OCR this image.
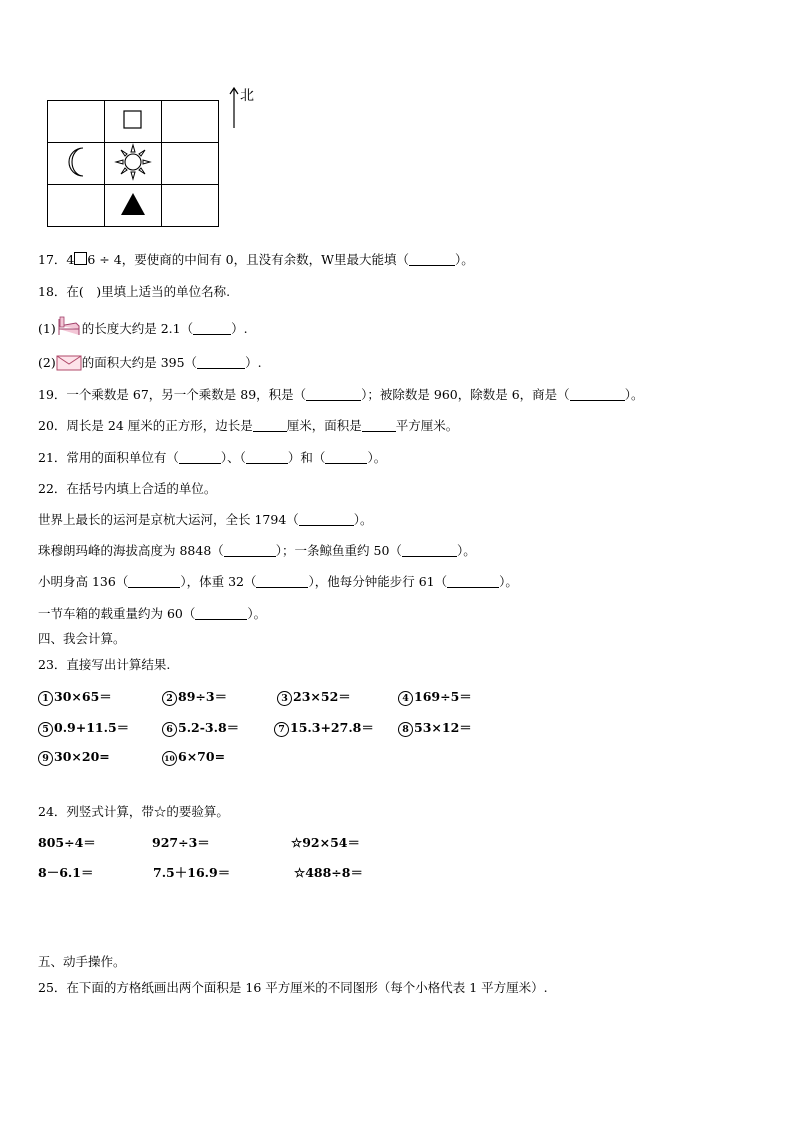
北
17．4 6 ÷ 4，要使商的中间有 0，且没有余数，W里最大能填（	）。
18．在(　)里填上适当的单位名称.
(1) 的长度大约是 2.1（	）.
(2) 的面积大约是 395（	）.
19．一个乘数是 67，另一个乘数是 89，积是（	）；被除数是 960，除数是 6，商是（	）。
20．周长是 24 厘米的正方形，边长是	厘米，面积是	平方厘米。
21．常用的面积单位有（	）、（	）和（	）。
22．在括号内填上合适的单位。
世界上最长的运河是京杭大运河，全长 1794（	）。
珠穆朗玛峰的海拔高度为 8848（	）；一条鲸鱼重约 50（	）。
小明身高 136（	），体重 32（	），他每分钟能步行 61（	）。
一节车箱的载重量约为 60（	）。
四、我会计算。
23．直接写出计算结果.
1 30×65＝	2 89÷3＝	3 23×52＝	4 169÷5＝
5 0.9+11.5＝	6 5.2-3.8＝	7 15.3+27.8＝	8 53×12＝
9 30×20=	10 6×70=
24．列竖式计算，带☆的要验算。
805÷4＝	927÷3＝	☆92×54＝
8－6.1＝	7.5＋16.9＝	☆488÷8＝
五、动手操作。
25．在下面的方格纸画出两个面积是 16 平方厘米的不同图形（每个小格代表 1 平方厘米）.
